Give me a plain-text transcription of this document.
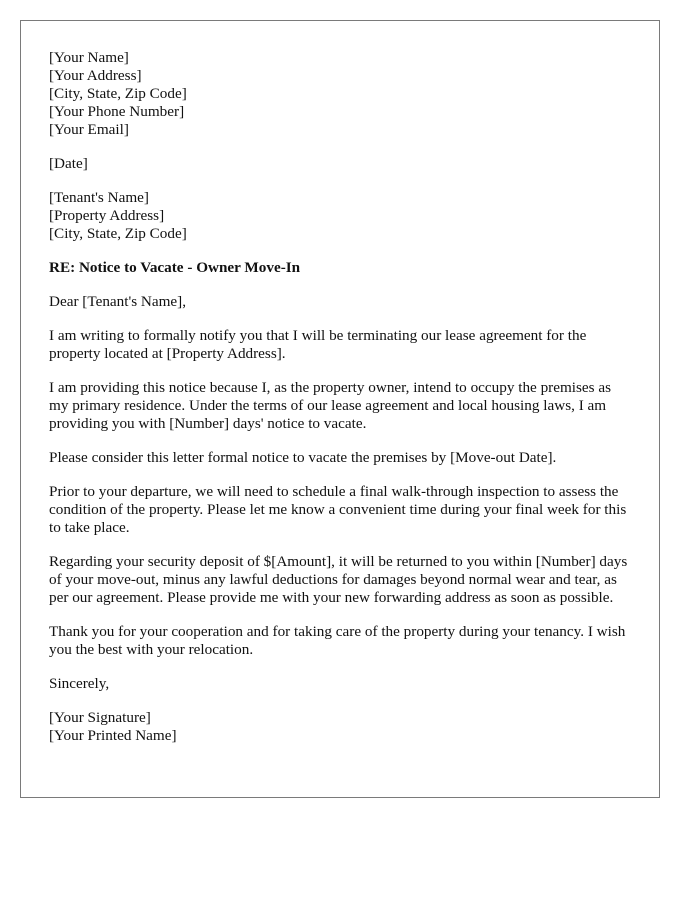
[Your Name]
[Your Address]
[City, State, Zip Code]
[Your Phone Number]
[Your Email]
[Date]
[Tenant's Name]
[Property Address]
[City, State, Zip Code]

RE: Notice to Vacate - Owner Move-In

Dear [Tenant's Name],

I am writing to formally notify you that I will be terminating our lease agreement for the property located at [Property Address].

I am providing this notice because I, as the property owner, intend to occupy the premises as my primary residence. Under the terms of our lease agreement and local housing laws, I am providing you with [Number] days' notice to vacate.

Please consider this letter formal notice to vacate the premises by [Move-out Date].

Prior to your departure, we will need to schedule a final walk-through inspection to assess the condition of the property. Please let me know a convenient time during your final week for this to take place.

Regarding your security deposit of $[Amount], it will be returned to you within [Number] days of your move-out, minus any lawful deductions for damages beyond normal wear and tear, as per our agreement. Please provide me with your new forwarding address as soon as possible.

Thank you for your cooperation and for taking care of the property during your tenancy. I wish you the best with your relocation.

Sincerely,

[Your Signature]
[Your Printed Name]
